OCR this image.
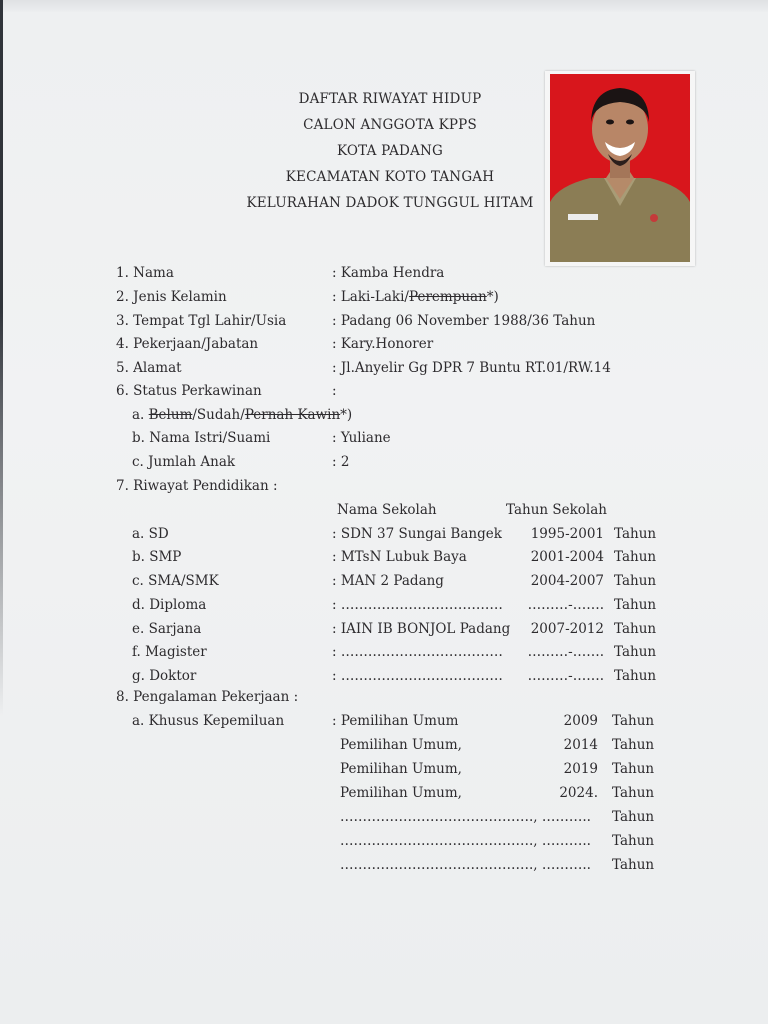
DAFTAR RIWAYAT HIDUP
CALON ANGGOTA KPPS
KOTA PADANG
KECAMATAN KOTO TANGAH
KELURAHAN DADOK TUNGGUL HITAM
1. Nama	: Kamba Hendra
2. Jenis Kelamin	: Laki-Laki/Perempuan*)
3. Tempat Tgl Lahir/Usia	: Padang 06 November 1988/36 Tahun
4. Pekerjaan/Jabatan	: Kary.Honorer
5. Alamat	: Jl.Anyelir Gg DPR 7 Buntu RT.01/RW.14
6. Status Perkawinan	:
a. Belum/Sudah/Pernah Kawin*)
b. Nama Istri/Suami	: Yuliane
c. Jumlah Anak	: 2
7. Riwayat Pendidikan :
Nama Sekolah	Tahun Sekolah
a. SD	: SDN 37 Sungai Bangek	1995-2001 Tahun
b. SMP	: MTsN Lubuk Baya	2001-2004 Tahun
c. SMA/SMK	: MAN 2 Padang	2004-2007 Tahun
d. Diploma	: ………………………………	………-……. Tahun
e. Sarjana	: IAIN IB BONJOL Padang	2007-2012 Tahun
f. Magister	: ………………………………	………-……. Tahun
g. Doktor	: ………………………………	………-……. Tahun
8. Pengalaman Pekerjaan :
a. Khusus Kepemiluan	: Pemilihan Umum	2009 Tahun
Pemilihan Umum,	2014 Tahun
Pemilihan Umum,	2019 Tahun
Pemilihan Umum,	2024. Tahun
……………………………………., ……….. Tahun
……………………………………., ……….. Tahun
……………………………………., ……….. Tahun
